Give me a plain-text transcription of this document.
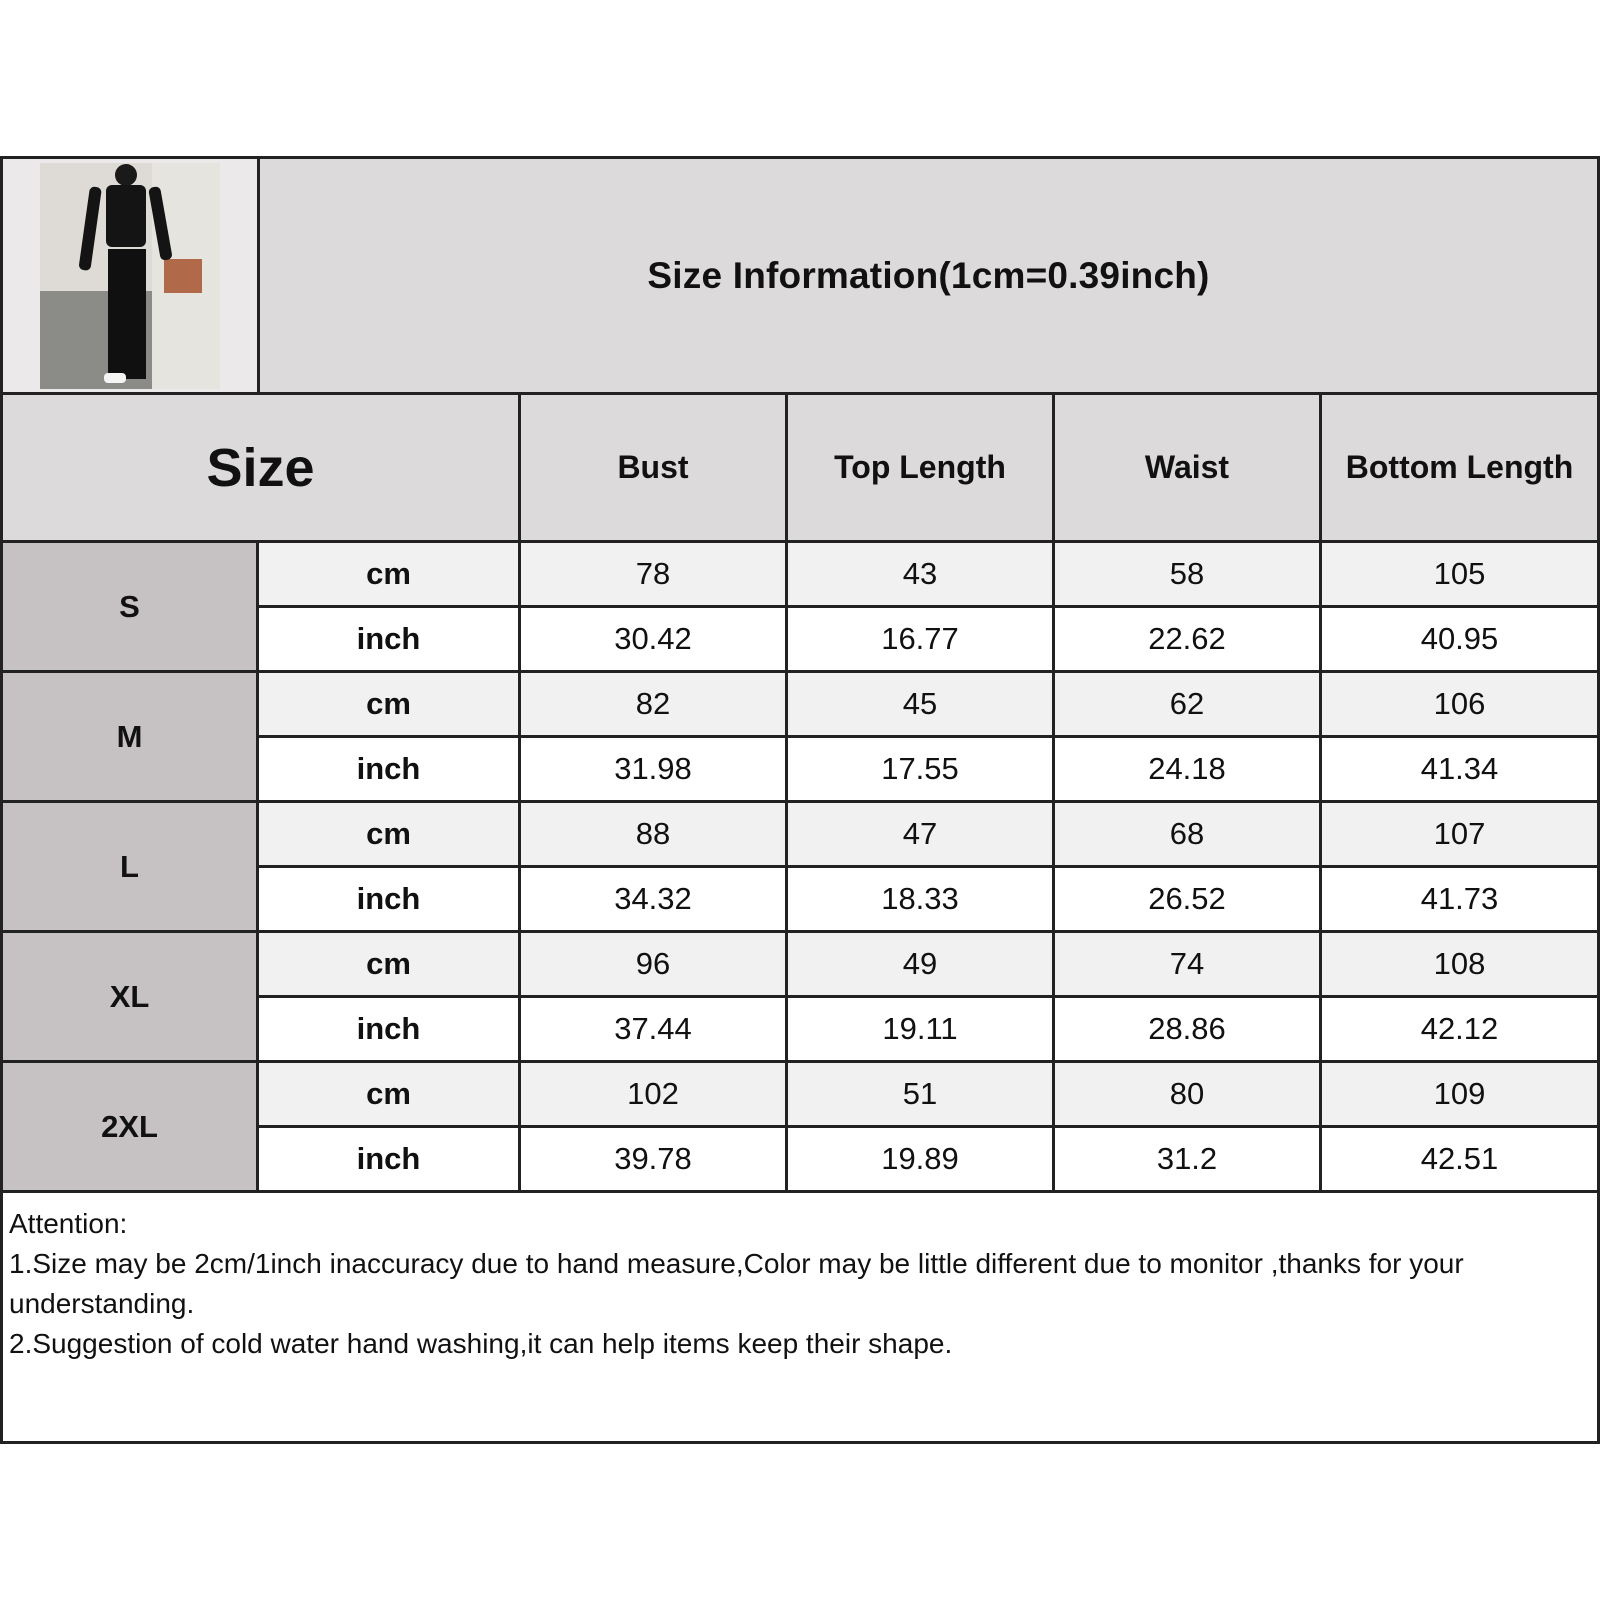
Size Information(1cm=0.39inch)
Size	Bust	Top Length	Waist	Bottom Length
S
cm	78	43	58	105
inch	30.42	16.77	22.62	40.95
M
cm	82	45	62	106
inch	31.98	17.55	24.18	41.34
L
cm	88	47	68	107
inch	34.32	18.33	26.52	41.73
XL
cm	96	49	74	108
inch	37.44	19.11	28.86	42.12
2XL
cm	102	51	80	109
inch	39.78	19.89	31.2	42.51

Attention:

1.Size may be 2cm/1inch inaccuracy due to hand measure,Color may be little different due to monitor ,thanks for your understanding.

2.Suggestion of cold water hand washing,it can help items keep their shape.
